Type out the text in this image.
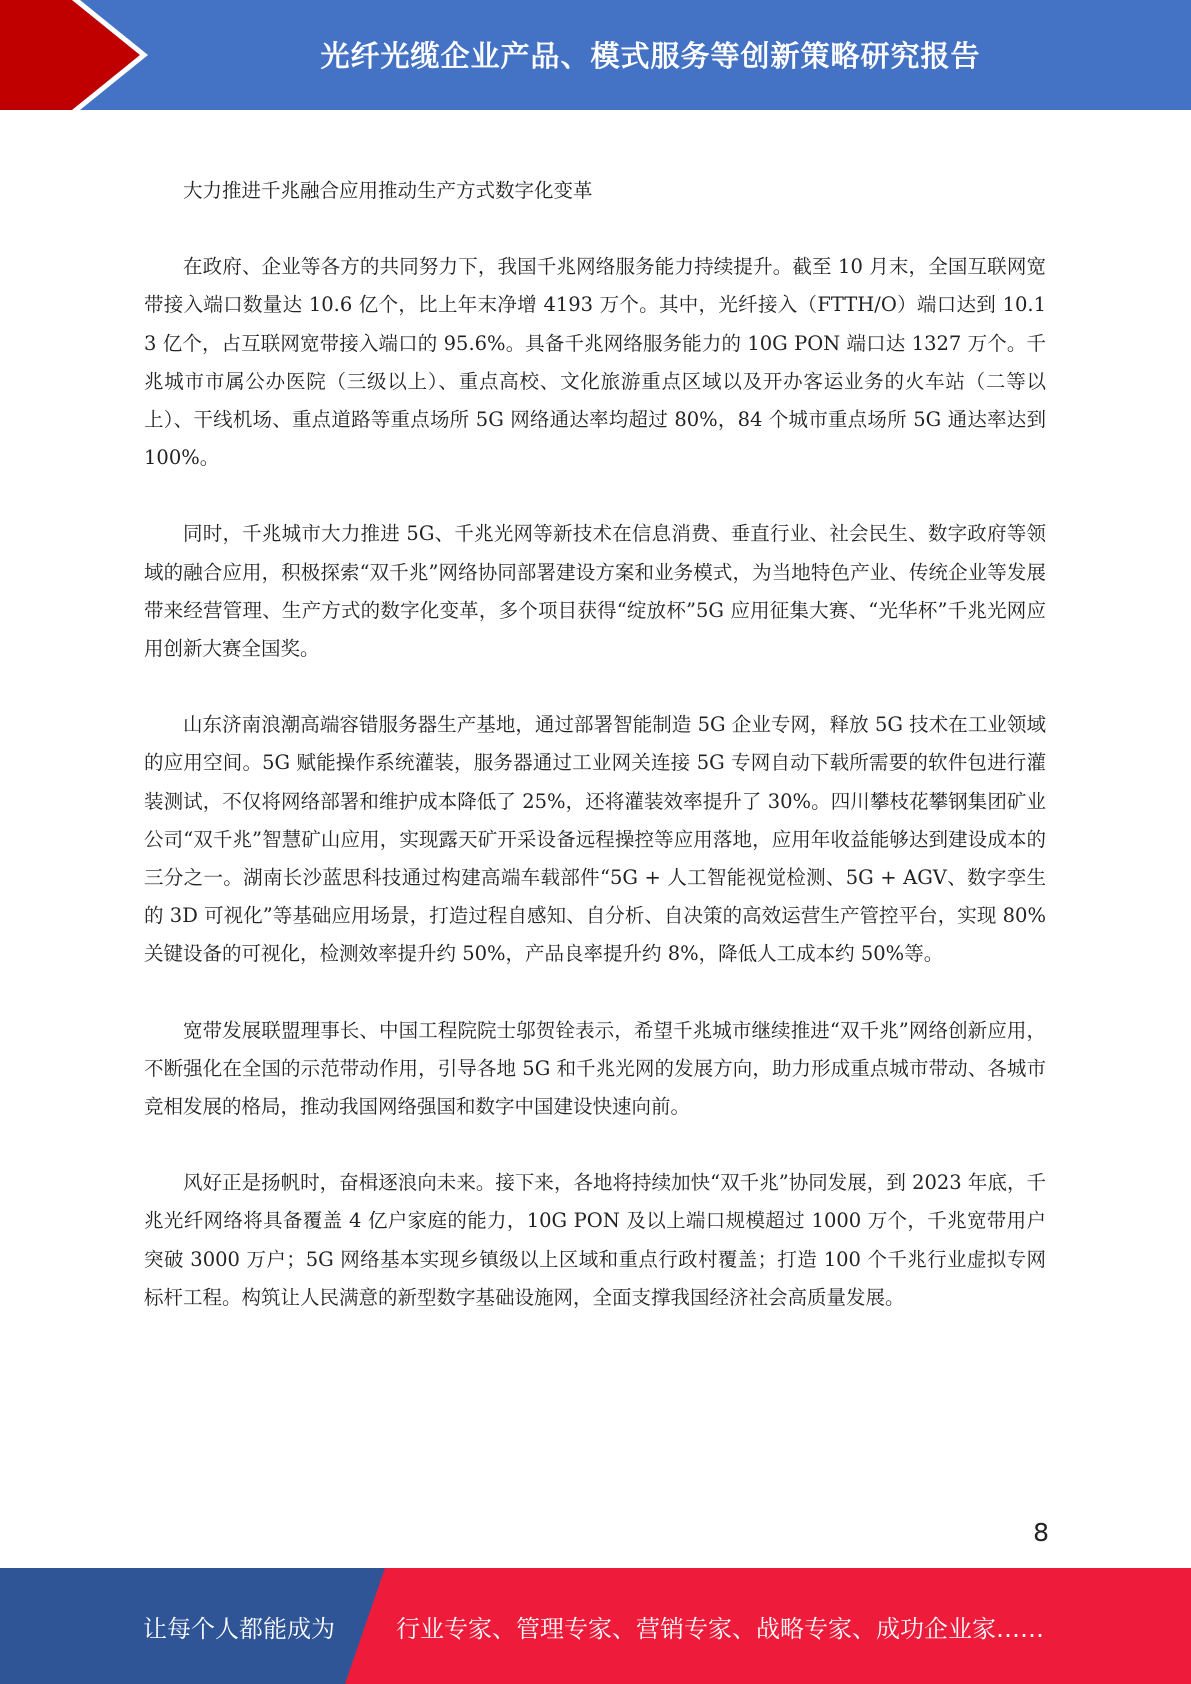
光纤光缆企业产品、模式服务等创新策略研究报告

大力推进千兆融合应用推动生产方式数字化变革

在政府、企业等各方的共同努力下，我国千兆网络服务能力持续提升。截至 10 月末，全国互联网宽带接入端口数量达 10.6 亿个，比上年末净增 4193 万个。其中，光纤接入（FTTH/O）端口达到 10.13 亿个，占互联网宽带接入端口的 95.6%。具备千兆网络服务能力的 10G PON 端口达 1327 万个。千兆城市市属公办医院（三级以上）、重点高校、文化旅游重点区域以及开办客运业务的火车站（二等以上）、干线机场、重点道路等重点场所 5G 网络通达率均超过 80%，84 个城市重点场所 5G 通达率达到 100%。

同时，千兆城市大力推进 5G、千兆光网等新技术在信息消费、垂直行业、社会民生、数字政府等领域的融合应用，积极探索“双千兆”网络协同部署建设方案和业务模式，为当地特色产业、传统企业等发展带来经营管理、生产方式的数字化变革，多个项目获得“绽放杯”5G 应用征集大赛、“光华杯”千兆光网应用创新大赛全国奖。

山东济南浪潮高端容错服务器生产基地，通过部署智能制造 5G 企业专网，释放 5G 技术在工业领域的应用空间。5G 赋能操作系统灌装，服务器通过工业网关连接 5G 专网自动下载所需要的软件包进行灌装测试，不仅将网络部署和维护成本降低了 25%，还将灌装效率提升了 30%。四川攀枝花攀钢集团矿业公司“双千兆”智慧矿山应用，实现露天矿开采设备远程操控等应用落地，应用年收益能够达到建设成本的三分之一。湖南长沙蓝思科技通过构建高端车载部件“5G + 人工智能视觉检测、5G + AGV、数字孪生的 3D 可视化”等基础应用场景，打造过程自感知、自分析、自决策的高效运营生产管控平台，实现 80%关键设备的可视化，检测效率提升约 50%，产品良率提升约 8%，降低人工成本约 50%等。

宽带发展联盟理事长、中国工程院院士邬贺铨表示，希望千兆城市继续推进“双千兆”网络创新应用，不断强化在全国的示范带动作用，引导各地 5G 和千兆光网的发展方向，助力形成重点城市带动、各城市竞相发展的格局，推动我国网络强国和数字中国建设快速向前。

风好正是扬帆时，奋楫逐浪向未来。接下来，各地将持续加快“双千兆”协同发展，到 2023 年底，千兆光纤网络将具备覆盖 4 亿户家庭的能力，10G PON 及以上端口规模超过 1000 万个，千兆宽带用户突破 3000 万户；5G 网络基本实现乡镇级以上区域和重点行政村覆盖；打造 100 个千兆行业虚拟专网标杆工程。构筑让人民满意的新型数字基础设施网，全面支撑我国经济社会高质量发展。

8
让每个人都能成为	行业专家、管理专家、营销专家、战略专家、成功企业家……
